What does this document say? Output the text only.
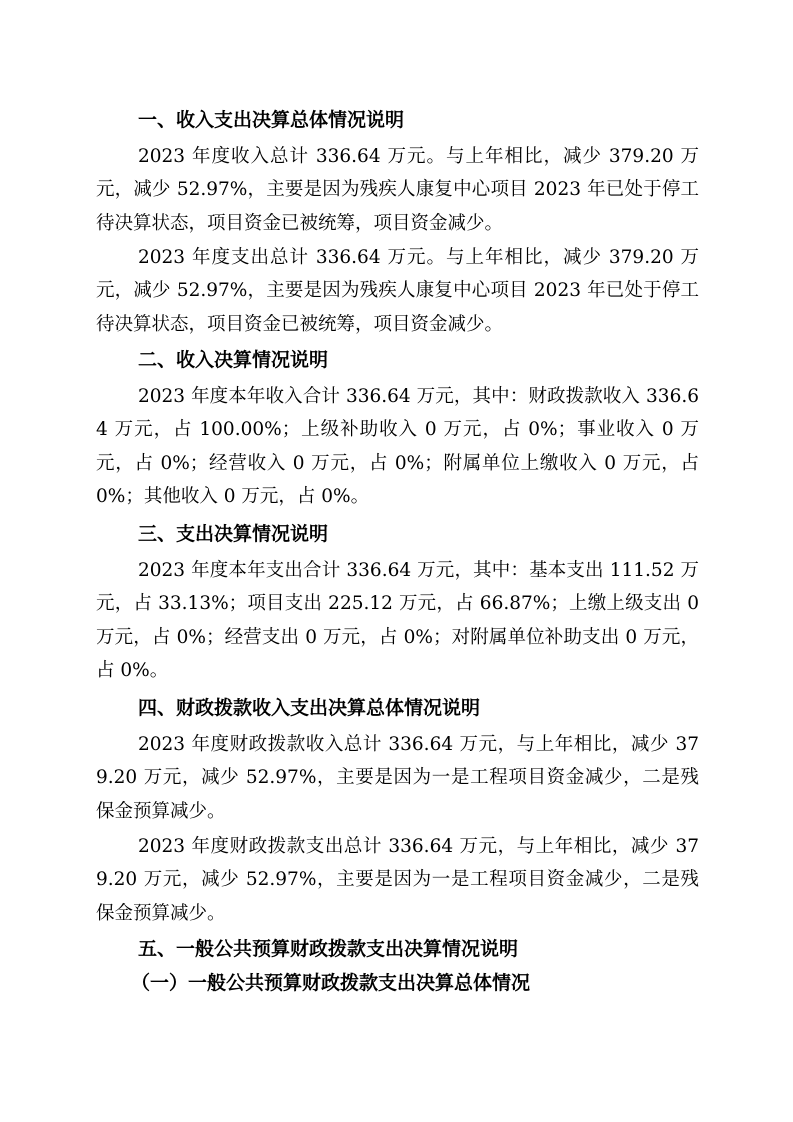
一、收入支出决算总体情况说明

2023 年度收入总计 336.64 万元。与上年相比，减少 379.20 万元，减少 52.97%，主要是因为残疾人康复中心项目 2023 年已处于停工待决算状态，项目资金已被统筹，项目资金减少。

2023 年度支出总计 336.64 万元。与上年相比，减少 379.20 万元，减少 52.97%，主要是因为残疾人康复中心项目 2023 年已处于停工待决算状态，项目资金已被统筹，项目资金减少。

二、收入决算情况说明

2023 年度本年收入合计 336.64 万元，其中：财政拨款收入 336.64 万元，占 100.00%；上级补助收入 0 万元，占 0%；事业收入 0 万元，占 0%；经营收入 0 万元，占 0%；附属单位上缴收入 0 万元，占 0%；其他收入 0 万元，占 0%。

三、支出决算情况说明

2023 年度本年支出合计 336.64 万元，其中：基本支出 111.52 万元，占 33.13%；项目支出 225.12 万元，占 66.87%；上缴上级支出 0 万元，占 0%；经营支出 0 万元，占 0%；对附属单位补助支出 0 万元，占 0%。

四、财政拨款收入支出决算总体情况说明

2023 年度财政拨款收入总计 336.64 万元，与上年相比，减少 379.20 万元，减少 52.97%，主要是因为一是工程项目资金减少，二是残保金预算减少。

2023 年度财政拨款支出总计 336.64 万元，与上年相比，减少 379.20 万元，减少 52.97%，主要是因为一是工程项目资金减少，二是残保金预算减少。

五、一般公共预算财政拨款支出决算情况说明
（一）一般公共预算财政拨款支出决算总体情况
